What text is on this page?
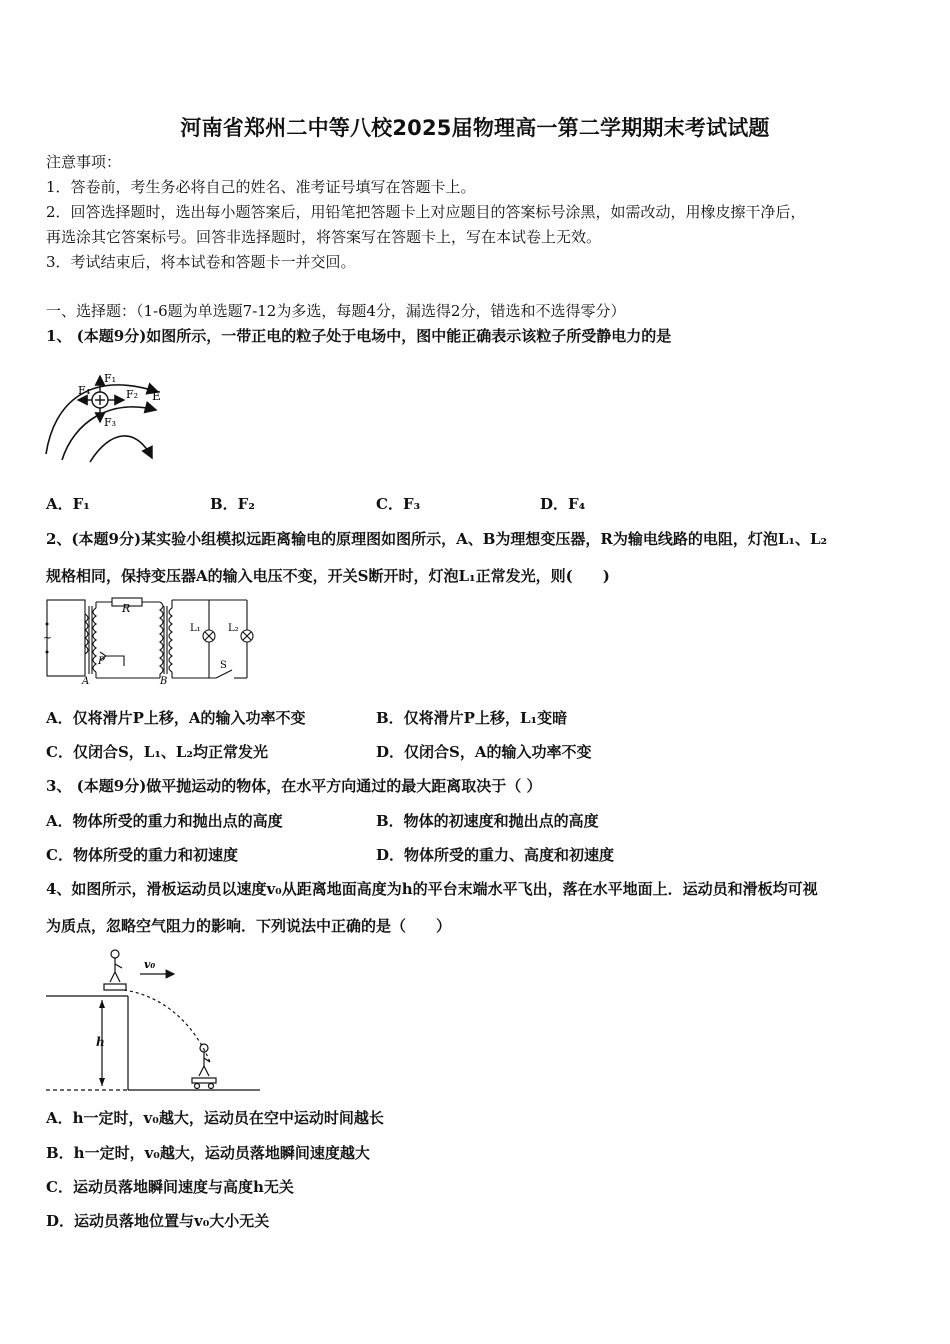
河南省郑州二中等八校2025届物理高一第二学期期末考试试题
注意事项：
1．答卷前，考生务必将自己的姓名、准考证号填写在答题卡上。
2．回答选择题时，选出每小题答案后，用铅笔把答题卡上对应题目的答案标号涂黑，如需改动，用橡皮擦干净后，
再选涂其它答案标号。回答非选择题时，将答案写在答题卡上，写在本试卷上无效。
3．考试结束后，将本试卷和答题卡一并交回。
一、选择题：（1-6题为单选题7-12为多选，每题4分，漏选得2分，错选和不选得零分）
1、 (本题9分)如图所示，一带正电的粒子处于电场中，图中能正确表示该粒子所受静电力的是
F₁
F₂
F₃
F₄	E
A．F₁	B．F₂	C．F₃	D．F₄
2、(本题9分)某实验小组模拟远距离输电的原理图如图所示，A、B为理想变压器，R为输电线路的电阻，灯泡L₁、L₂
规格相同，保持变压器A的输入电压不变，开关S断开时，灯泡L₁正常发光，则(　　)
~
R
P
A	B
L₁	L₂
S
A．仅将滑片P上移，A的输入功率不变	B．仅将滑片P上移，L₁变暗
C．仅闭合S，L₁、L₂均正常发光	D．仅闭合S，A的输入功率不变
3、 (本题9分)做平抛运动的物体，在水平方向通过的最大距离取决于（ ）
A．物体所受的重力和抛出点的高度	B．物体的初速度和抛出点的高度
C．物体所受的重力和初速度	D．物体所受的重力、高度和初速度
4、如图所示，滑板运动员以速度v₀从距离地面高度为h的平台末端水平飞出，落在水平地面上．运动员和滑板均可视
为质点，忽略空气阻力的影响．下列说法中正确的是（　　）
v₀
h
A．h一定时，v₀越大，运动员在空中运动时间越长
B．h一定时，v₀越大，运动员落地瞬间速度越大
C．运动员落地瞬间速度与高度h无关
D．运动员落地位置与v₀大小无关
